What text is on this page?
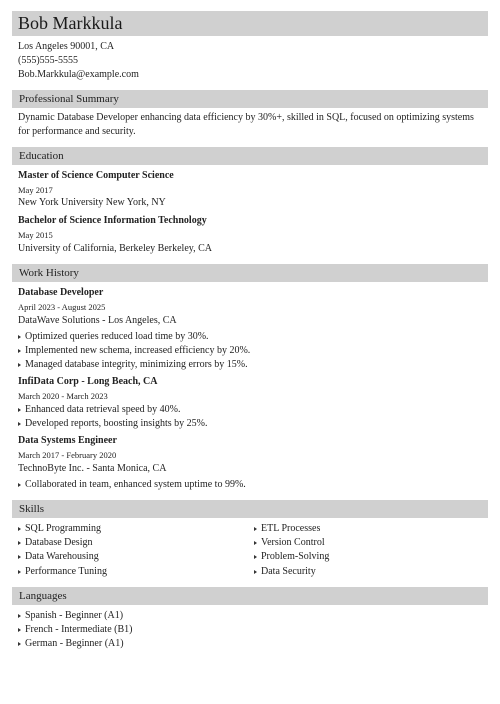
Bob Markkula
Los Angeles 90001, CA
(555)555-5555
Bob.Markkula@example.com
Professional Summary
Dynamic Database Developer enhancing data efficiency by 30%+, skilled in SQL, focused on optimizing systems for performance and security.
Education
Master of Science Computer Science
May 2017
New York University New York, NY
Bachelor of Science Information Technology
May 2015
University of California, Berkeley Berkeley, CA
Work History
Database Developer
April 2023 - August 2025
DataWave Solutions - Los Angeles, CA
Optimized queries reduced load time by 30%.
Implemented new schema, increased efficiency by 20%.
Managed database integrity, minimizing errors by 15%.
InfiData Corp - Long Beach, CA
March 2020 - March 2023
Enhanced data retrieval speed by 40%.
Developed reports, boosting insights by 25%.
Data Systems Engineer
March 2017 - February 2020
TechnoByte Inc. - Santa Monica, CA
Collaborated in team, enhanced system uptime to 99%.
Skills
SQL Programming
Database Design
Data Warehousing
Performance Tuning
ETL Processes
Version Control
Problem-Solving
Data Security
Languages
Spanish - Beginner (A1)
French - Intermediate (B1)
German - Beginner (A1)
